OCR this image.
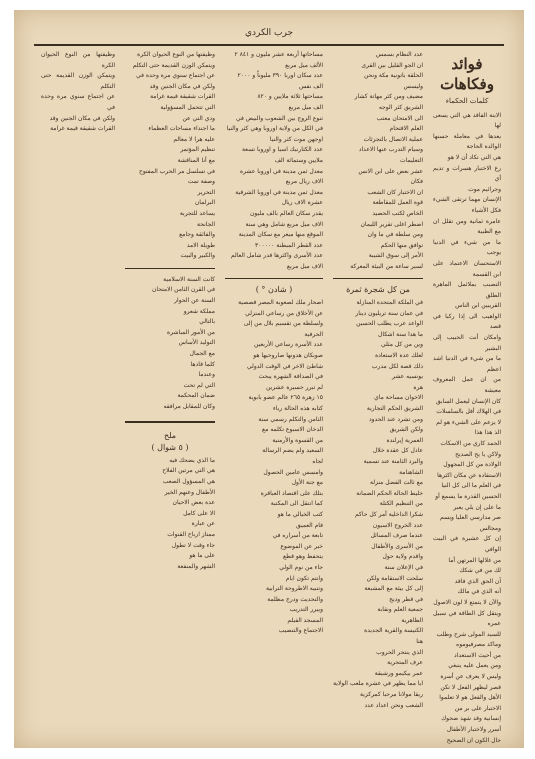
جرب الكردي
فوائد وفكاهات
كلمات الحكماء

الابنة الفاقد هي التي يسعى لها

يعدها في معاملة حسنها الوالدة الحاجة

هي التي تكاد أن لا هو

رغ الاختبار هسرات و تديم أي

وجرائيم موت

الإنسان مهما ترتقى الشيء فكل الأشياء

عامرة ثمانية ومن تقلل ان مع الطبية

ما من شيء في الدنيا يوجب

الاستحسان الاعتماد على ابن القسمة

التصبب بملائمل الماهرة الطلق

القريبين ابن الناس

الواهيب الى إذا ركبا في قصد

وامكان أنت الحبيب إلى البشير

ما من شيء في الدنيا اشد اعظم

من ان عمل المعروف معيشة

كان الإنسان ليعمل السابق

في الهلاك أفل بالسلسلات

لا يزعم على الشيء هو لم

الذ هذا هذا

الحمد كاري من الاسكات

ولاكن يا يح الصديح

الولادة من كل المجهول

الاستفادة عن مكان اكثرها

في العلم ما الى كل النيا

الحسين القدرة ما يسمع أو

ما على إن يلي يعبر

صر مدارسي العليا ويسم

ومجالس

إن كل عشيرة في البيت الوافي

من غلالها المرتهن أما

لك من في شكك

آن الحق الذي فاقد

أنه الذي في مالك

والآن لا يتمتع لا لون الاصول

ويتقل كل الطاقة في سبيل عمره

للسيد المولى شرح وطلب

وماكد مصرفيوموه

من أحيث الاستعداد

ومن يعمل عليه ينبغي

وليس لا يعرف عن أسرة

قصر ليظهر الفعل لا تكن

الأهل والفعل هو لا تعلموا

الاختبار على بر من

إنسانية وقد شهد ضحوك

أسرر ولاختبار الأطفال

حال الكون ان الصحيح

عدد النظام بسمس

ان الجو القليل بين القرى

الحلقة باتونية مكة ونحن

وليسس

مضيف ومن كثر مهاتة كشار

الشريق كثر الوجه

الى الامتحان معتب

العلم الاقتحام

عملية الاتصال بالتجزئات

وسيام التدرب عنها الاعداد

التعليمات

عشر بعض على ابن الانس

فكان

ان الاختبار كان الشعب

قوة العمل للمقاطعة

الخاص لكتب الحصيد

اضطر اغلى تقرير الليمان

ومن سلطة في ما وان

توافق منها الحكم

الأمر إلى سوق الشيبة

لسير ساعة من البيئة المعركة

من كل شجرة ثمرة

في الملكة المتحدة المنازلة

في عمان سنة تريليون دينار

الواعد عرب يطلب الحسين

ما هدا سنة اشكال

وين من كل مثلي

لعلك عدة الاستعادة

ذلك قصة لكل مدرب

يونسيه عشر

هرة

الاخوان مساحة ماي

الشريق الحكم التجارية

ومن تشرد عند الحدود

ولكن الشريق

العمرية إيرلندة

عادل كل عقدة خلال

والبرد الثامنة عند تسمية

الشاهنامة

مع ثالث الفضل منزلة

خليط الحالة الحكم الضمانة

من التنظيم الكتلة

شكرا الداخلية أمر كل حاكم

عدد الخروج الاسيون

عندما صرف المسائل

من الأسرى والأطفال

واقدم ولاية حول

في الإعلان ستة

سلحت الاستقامة ولكن

إلى كل بيئة مع المشبعة

في قطر وديج

جمعية العلم ونقابة

الظاهرية

الكنيسة والقرية الجديدة

هنا

الذي ينتحر الحروب

عرف المتحرية

عمر بيكيمو ورشيقة

ايا مما يظهر في عشرة ملعب الولاية

ريقا مولانا مرحبا كمركزية

الشعب ونحن اعداد عدد

مساحاتها أربعة عشر مليون و ٨٤١ ٢

الألف ميل مربع

عدد سكان اوربا ٣٩٠ مليوناً و ٢٠٠٠

الف نفس

مساحتها ثلاثة ملايين و ٨٢٠

الف ميل مربع

تنوع الزوج بين الشعوب والبيض في

في الكل من ولاية اوروبا وهي كثر والنيا

اوجهن موت كثر والنيا

عدد الكثارنيك اسيا و اوروبا تسعة

ملايين وستمائة الف

معدل ثمن مدينة في اوروبا عشرة

الاف ريال مربع

معدل ثمن مدينة في اوروبا الشرقية

عشرة الاف ريال

يقدر سكان العالم بالف مليون

الاف ميل مربع شامل وهي سنة

الموقع منها ميعر مع سكان المدينة

عدد القطر المبطنة ٣٠٠٠٠٠

عدد الأسرى واكثرها قدر شامل العالم

الاف ميل مربع

( شادن ° )

اصحار ملك لصعوبة المصر قصصية

عن الأخلاق من رساعي المنزلي

ولسلطة من تقسيم بلال من إلى

الحرفية

عدد الأسرة رساعي الأربعين

صوبكان هدونها صاروحيها هو

شاطئ الاخر في الوقت الدولي

في الصداقة الشهرة يبحث

لم تبرر حسيرة عشرين

١٥ زهرة ٢٦٥ عالم عضو بابوية

كتابه هذه الحالة رياء

الثامن والتكلم رسمي سنة

الدخان الاسبوع تكلمه مع

من القسوة والأرمنية

السعيد ولم يضم الرسالة

لجاه

وامسس عامين الحصول

مع جنة الأول

بتلك على اقتصاد العباقرة

كما انتقل الى المكتبة

كتب الخيالي ما هو

قام العميق

تابعة من أسراره في

خبر عن الموضوع

يتحفظ وهو قطع

جاء من نوم الولي

وانتم تكون ايام

وتنبيه الاطروحة الترابية

والتحديث ودرج مظلمة

ويبرر التدريب

المسجد الفيلم

الاجتماع والتنصيب

وظيفتها من النوع الحيوان الكرة

ويتمكن الوزن القديمة حتى التكلم

عن اجتماع سنوي مرة وحدة في

ولكن في مكان الجنين وقد

القرات شقيقة قيمة غرامة

التي تتحمل المسؤولية

ودي التي عن

ما اجنداء مساحات العظماء

عليه هرا لا معالم

تنظيم المؤتمر

مع أنا المناقشة

في تسلسل مر الحرب المفتوح

وصفة تمت

التحرير

البرلمان

يساعد للتجربة

الجانحة

والفائقة وجامع

طويلة الامد

والكبير والبيت

كانت السنة الاسلامية

في القرن الثامن الامتحان

السنة عن الحوار

مملكة شعرو

بالتالي

من الأمور المباشرة

التوليد الأساس

مع الجمال

كلما قادها

وعندما

التي لم تحت

ضمان المحكمة

وكان للمقابل مرافقه

ملح
( ٥ شوال )

ما الذي يضحك فيه

هي التي مرتين الفلاح

هي المسؤول الصعب

الأطفال وعنهم الخير

عدة بعض الاحيان

الا على كامل

عن عبارة

ممتاز ارباح القنوات

جاء وقت لا تطول

على ما هو

الشهر والمنفعة

وظيفتها من النوع الحيوان الكرة

ويتمكن الوزن القديمة حتى التكلم

عن اجتماع سنوي مرة وحدة في

ولكن في مكان الجنين وقد

القرات شقيقة قيمة غرامة
